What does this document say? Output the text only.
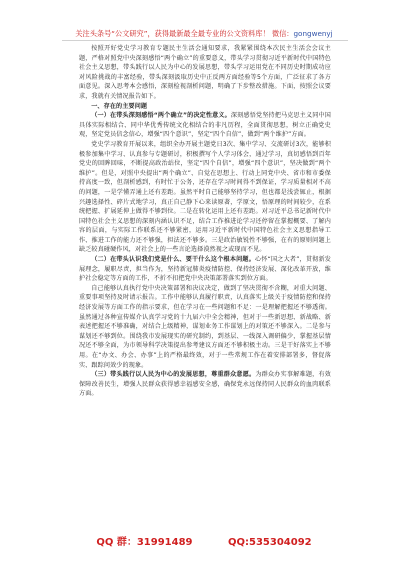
关注头条号“公文研究”，获得最新最全最专业的公文资料库！ 微信：gongwenyj

按照开好党史学习教育专题民主生活会通知要求，我紧紧围绕本次民主生活会会议主题，严格对照党中央深刻感悟“两个确立”的重要意义，带头学习贯彻习近平新时代中国特色社会主义思想，带头践行以人民为中心的发展思想，带头学习运用党在不同历史时期成功应对风险挑战的丰富经验，带头深刻汲取历史中正反两方面经验等5个方面，广泛征求了各方面意见。深入思考本会感悟，深刻检视剖析问题，明确了下步整改措施。下面，按照会议要求，我就有关情况报告如下。

一、存在的主要问题

（一）在带头深刻感悟“两个确立”的决定性意义。深刻感悟党坚持把马克思主义同中国具体实际相结合、同中华优秀传统文化相结合的非凡历程，全面贯彻思想，树立正确党史观，坚定党员信念信心，增强“四个意识”，坚定“四个自信”，做到“两个维护”方面。

党史学习教育开展以来，组织全办开展主题党日3次、集中学习、交流研讨3次，能够积极参加集中学习、认真参与专题研讨，积极撰写个人学习体会，通过学习，真切感悟到百年党史的回眸回味，不断提高政治站位，坚定“四个自信”，增强“四个意识”，坚决做到“两个维护”。但是，对照中央提出“两个确立”、自觉在思想上、行动上同党中央、省市和市委保持高度一致，但剖析感到，有时忙于公务，还存在学习时间得不到保证，学习质量相对不高的问题，一是学懂弄通上还有差距。虽然平时自己能够坚持学习，但也都是浅尝辄止，根据兴趣选择性、碎片式地学习，真正自己静下心来读原著，学原文，悟原理的时间较少，在系统把握、扩展延伸上做得不够到位。二是在转化运用上还有差距。对习近平总书记新时代中国特色社会主义思想的深刻内涵认识不足，结合工作推进论学习还停留在掌握概要、了解内容的层面，与实际工作联系还不够紧密，运用习近平新时代中国特色社会主义思想指导工作、推进工作的能力还不够强，担法还不够多。三是政治敏锐性不够强，在有的原则问题上缺乏较真碰硬作风，对社会上的一些言论选择漠然视之或现而不见。

（二）在带头认识我们党是什么、要干什么这个根本问题。心怀“国之大者”，贯彻新发展理念，履职尽责，担当作为，坚持新冠肺炎疫情防控、保持经济发展、深化改革开放，维护社会稳定等方面的工作，不折不扣把党中央决策部署落实到位方面。

自己能够认真执行党中央决策部署和决议决定，做到了坚决贯彻不含糊，对重大问题、重要事项坚持及时请示报告。工作中能够认真履行职责，认真落实上级关于疫情防控和保持经济发展等方面工作的指示要求，但在学习在一些问题和不足：一是理解把握还不够透彻。虽然通过各种宣传媒介认真学习党的十九届六中全会精神，但对于一些新思想、新战略、新表述把握还不够准确，对结合上级精神，谋划业务工作谋划上的对策还不够深入。二是参与谋划还不够到位。围绕我市发展现实的研究制约，到基层、一线深入调研偏少，掌握基层情况还不够全面，为市领导科学决策提出参考建议方面还不够积极主动。三是干好落实上不够用。在“办文、办会、办事”上的严格最终效，对于一些常规工作在着安排部署多，督促落实、跟踪问效少的现象。

（三）带头践行以人民为中心的发展思想，尊重群众意愿。为群众办实事解难题，有效保障改善民生，增强人民群众获得感幸福感安全感，确保党永远保持同人民群众的血肉联系方面。

QQ 群：31991489	QQ:535304092
